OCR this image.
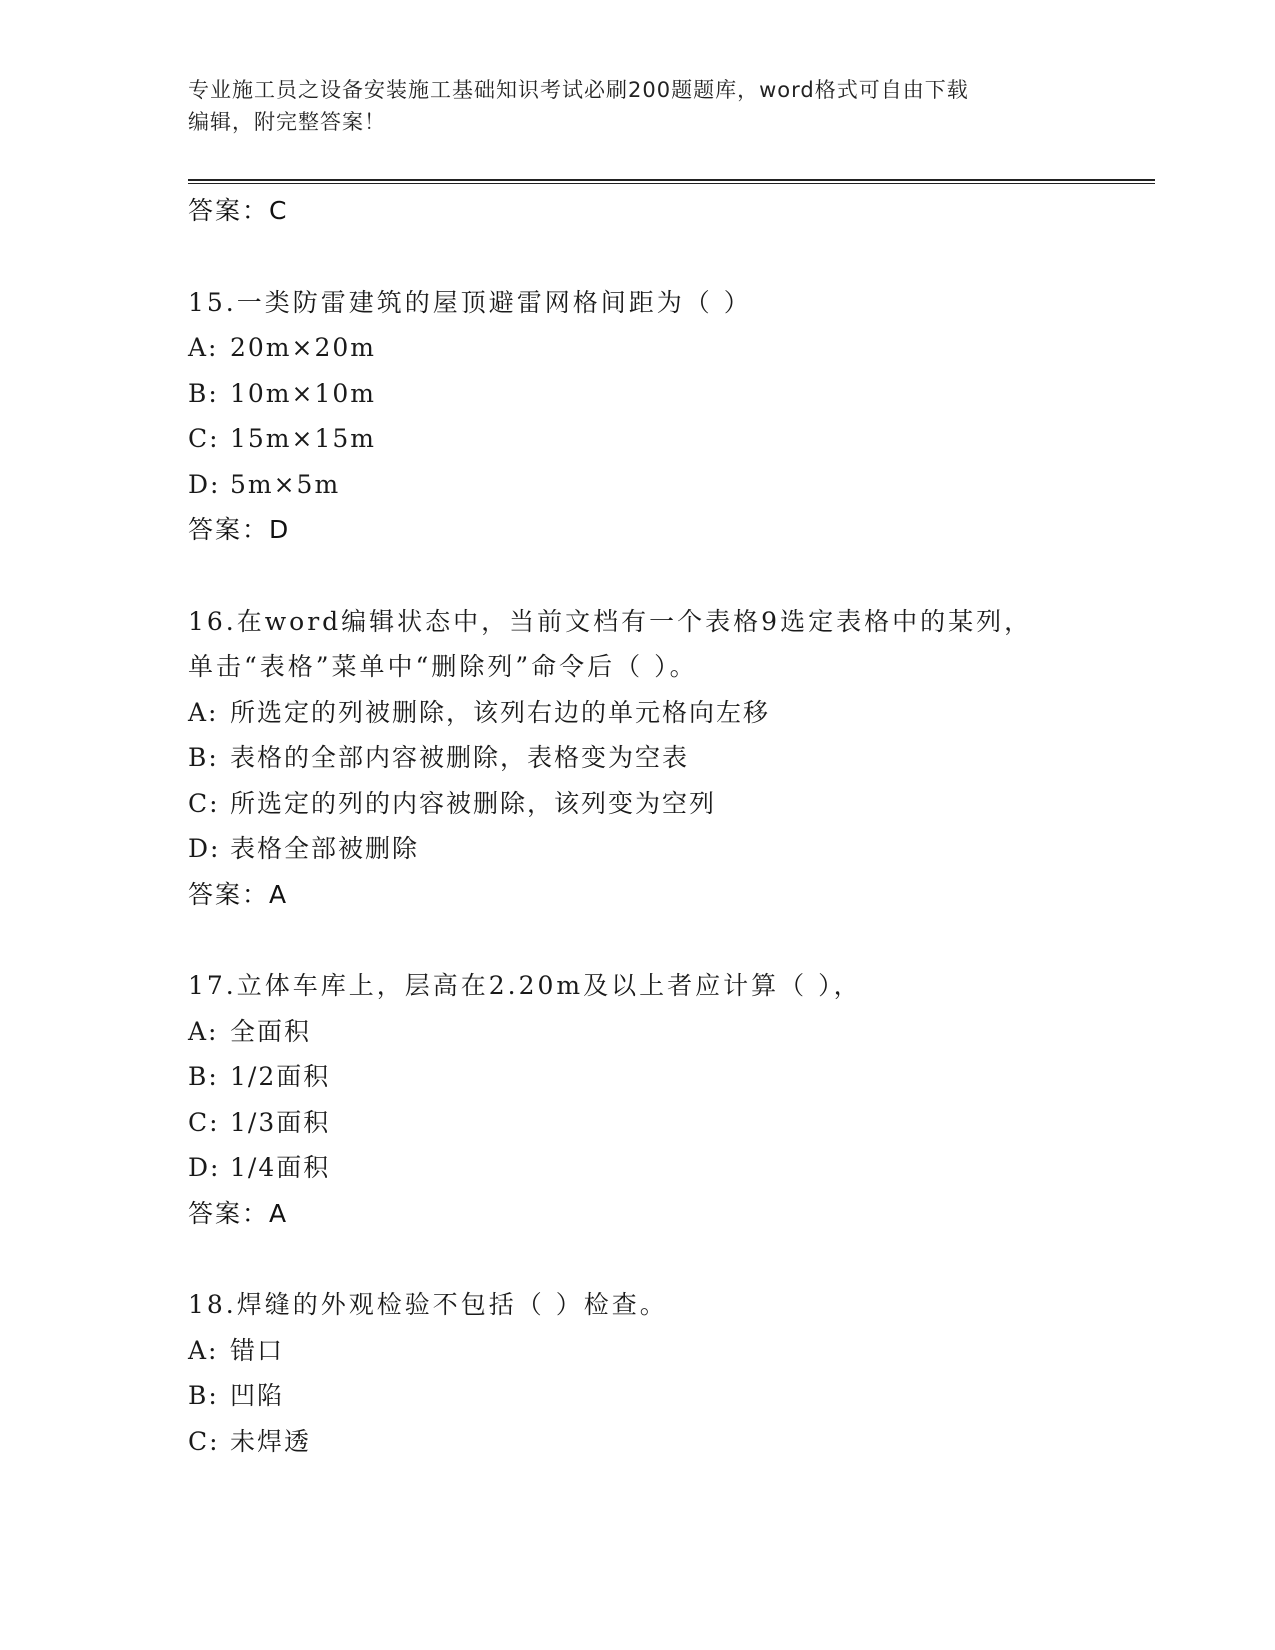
专业施工员之设备安装施工基础知识考试必刷200题题库，word格式可自由下载
编辑，附完整答案！
答案：C
15.一类防雷建筑的屋顶避雷网格间距为（ ）
A: 20m×20m
B: 10m×10m
C: 15m×15m
D: 5m×5m
答案：D
16.在word编辑状态中，当前文档有一个表格9选定表格中的某列，
单击“表格”菜单中“删除列”命令后（ ）。
A: 所选定的列被删除，该列右边的单元格向左移
B: 表格的全部内容被删除，表格变为空表
C: 所选定的列的内容被删除，该列变为空列
D: 表格全部被删除
答案：A
17.立体车库上，层高在2.20m及以上者应计算（ ），
A: 全面积
B: 1/2面积
C: 1/3面积
D: 1/4面积
答案：A
18.焊缝的外观检验不包括（ ）检查。
A: 错口
B: 凹陷
C: 未焊透
